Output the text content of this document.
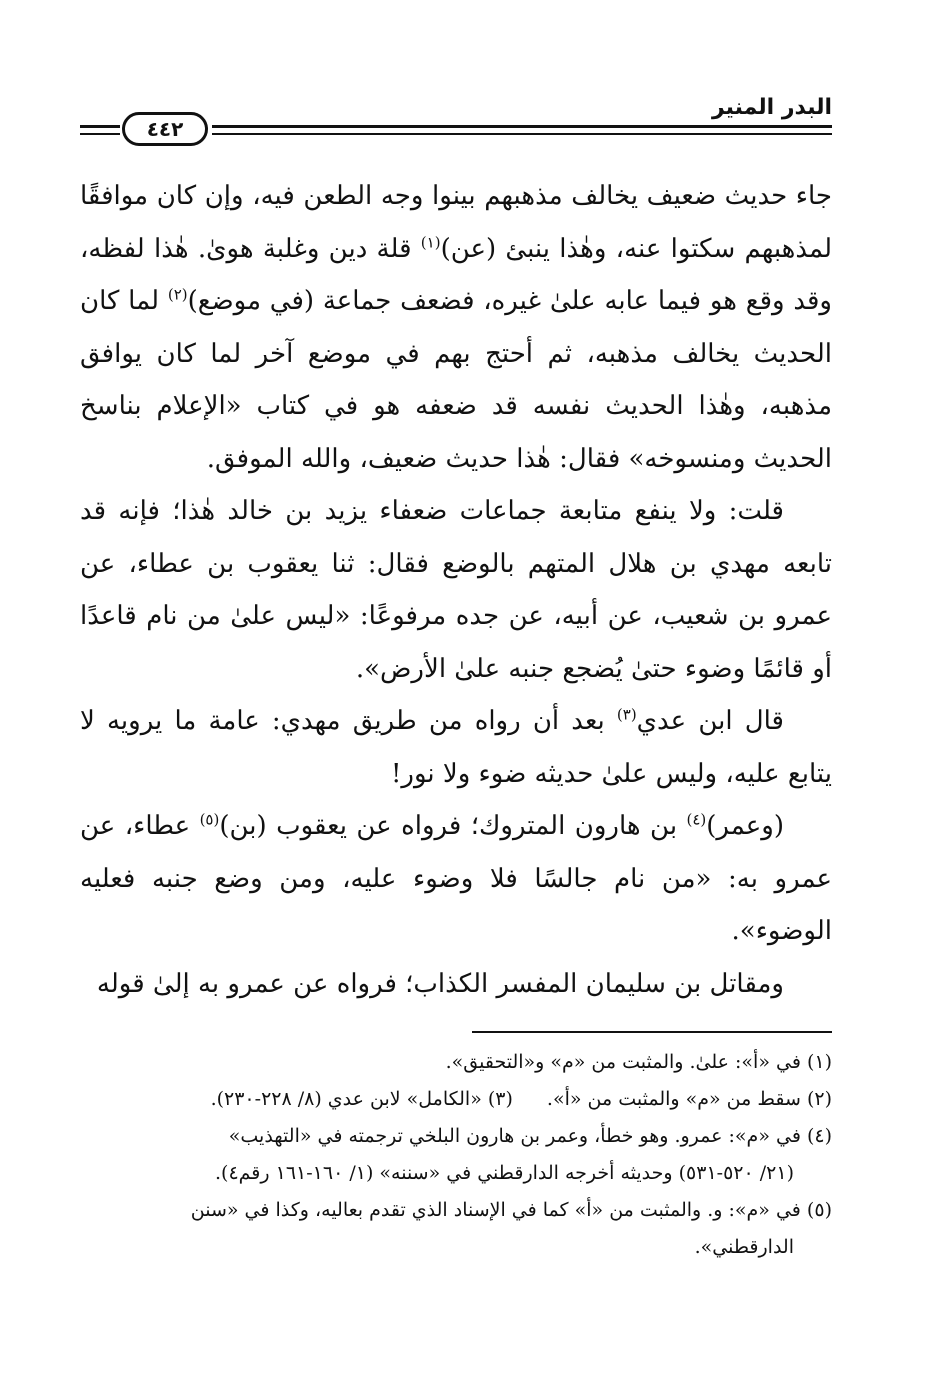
البدر المنير
٤٤٢

جاء حديث ضعيف يخالف مذهبهم بينوا وجه الطعن فيه، وإن كان موافقًا لمذهبهم سكتوا عنه، وهٰذا ينبئ (عن)$^{(١)}$ قلة دين وغلبة هوىٰ. هٰذا لفظه، وقد وقع هو فيما عابه علىٰ غيره، فضعف جماعة (في موضع)$^{(٢)}$ لما كان الحديث يخالف مذهبه، ثم أحتج بهم في موضع آخر لما كان يوافق مذهبه، وهٰذا الحديث نفسه قد ضعفه هو في كتاب «الإعلام بناسخ الحديث ومنسوخه» فقال: هٰذا حديث ضعيف، والله الموفق.

قلت: ولا ينفع متابعة جماعات ضعفاء يزيد بن خالد هٰذا؛ فإنه قد تابعه مهدي بن هلال المتهم بالوضع فقال: ثنا يعقوب بن عطاء، عن عمرو بن شعيب، عن أبيه، عن جده مرفوعًا: «ليس علىٰ من نام قاعدًا أو قائمًا وضوء حتىٰ يُضجع جنبه علىٰ الأرض».

قال ابن عدي$^{(٣)}$ بعد أن رواه من طريق مهدي: عامة ما يرويه لا يتابع عليه، وليس علىٰ حديثه ضوء ولا نور!

(وعمر)$^{(٤)}$ بن هارون المتروك؛ فرواه عن يعقوب (بن)$^{(٥)}$ عطاء، عن عمرو به: «من نام جالسًا فلا وضوء عليه، ومن وضع جنبه فعليه الوضوء».

ومقاتل بن سليمان المفسر الكذاب؛ فرواه عن عمرو به إلىٰ قوله

(١) في «أ»: علىٰ. والمثبت من «م» و«التحقيق».

(٢) سقط من «م» والمثبت من «أ».

(٣) «الكامل» لابن عدي (٨/ ٢٢٨-٢٣٠).

(٤) في «م»: عمرو. وهو خطأ، وعمر بن هارون البلخي ترجمته في «التهذيب»

(٢١/ ٥٢٠-٥٣١) وحديثه أخرجه الدارقطني في «سننه» (١/ ١٦٠-١٦١ رقم٤).

(٥) في «م»: و. والمثبت من «أ» كما في الإسناد الذي تقدم بعاليه، وكذا في «سنن

الدارقطني».
